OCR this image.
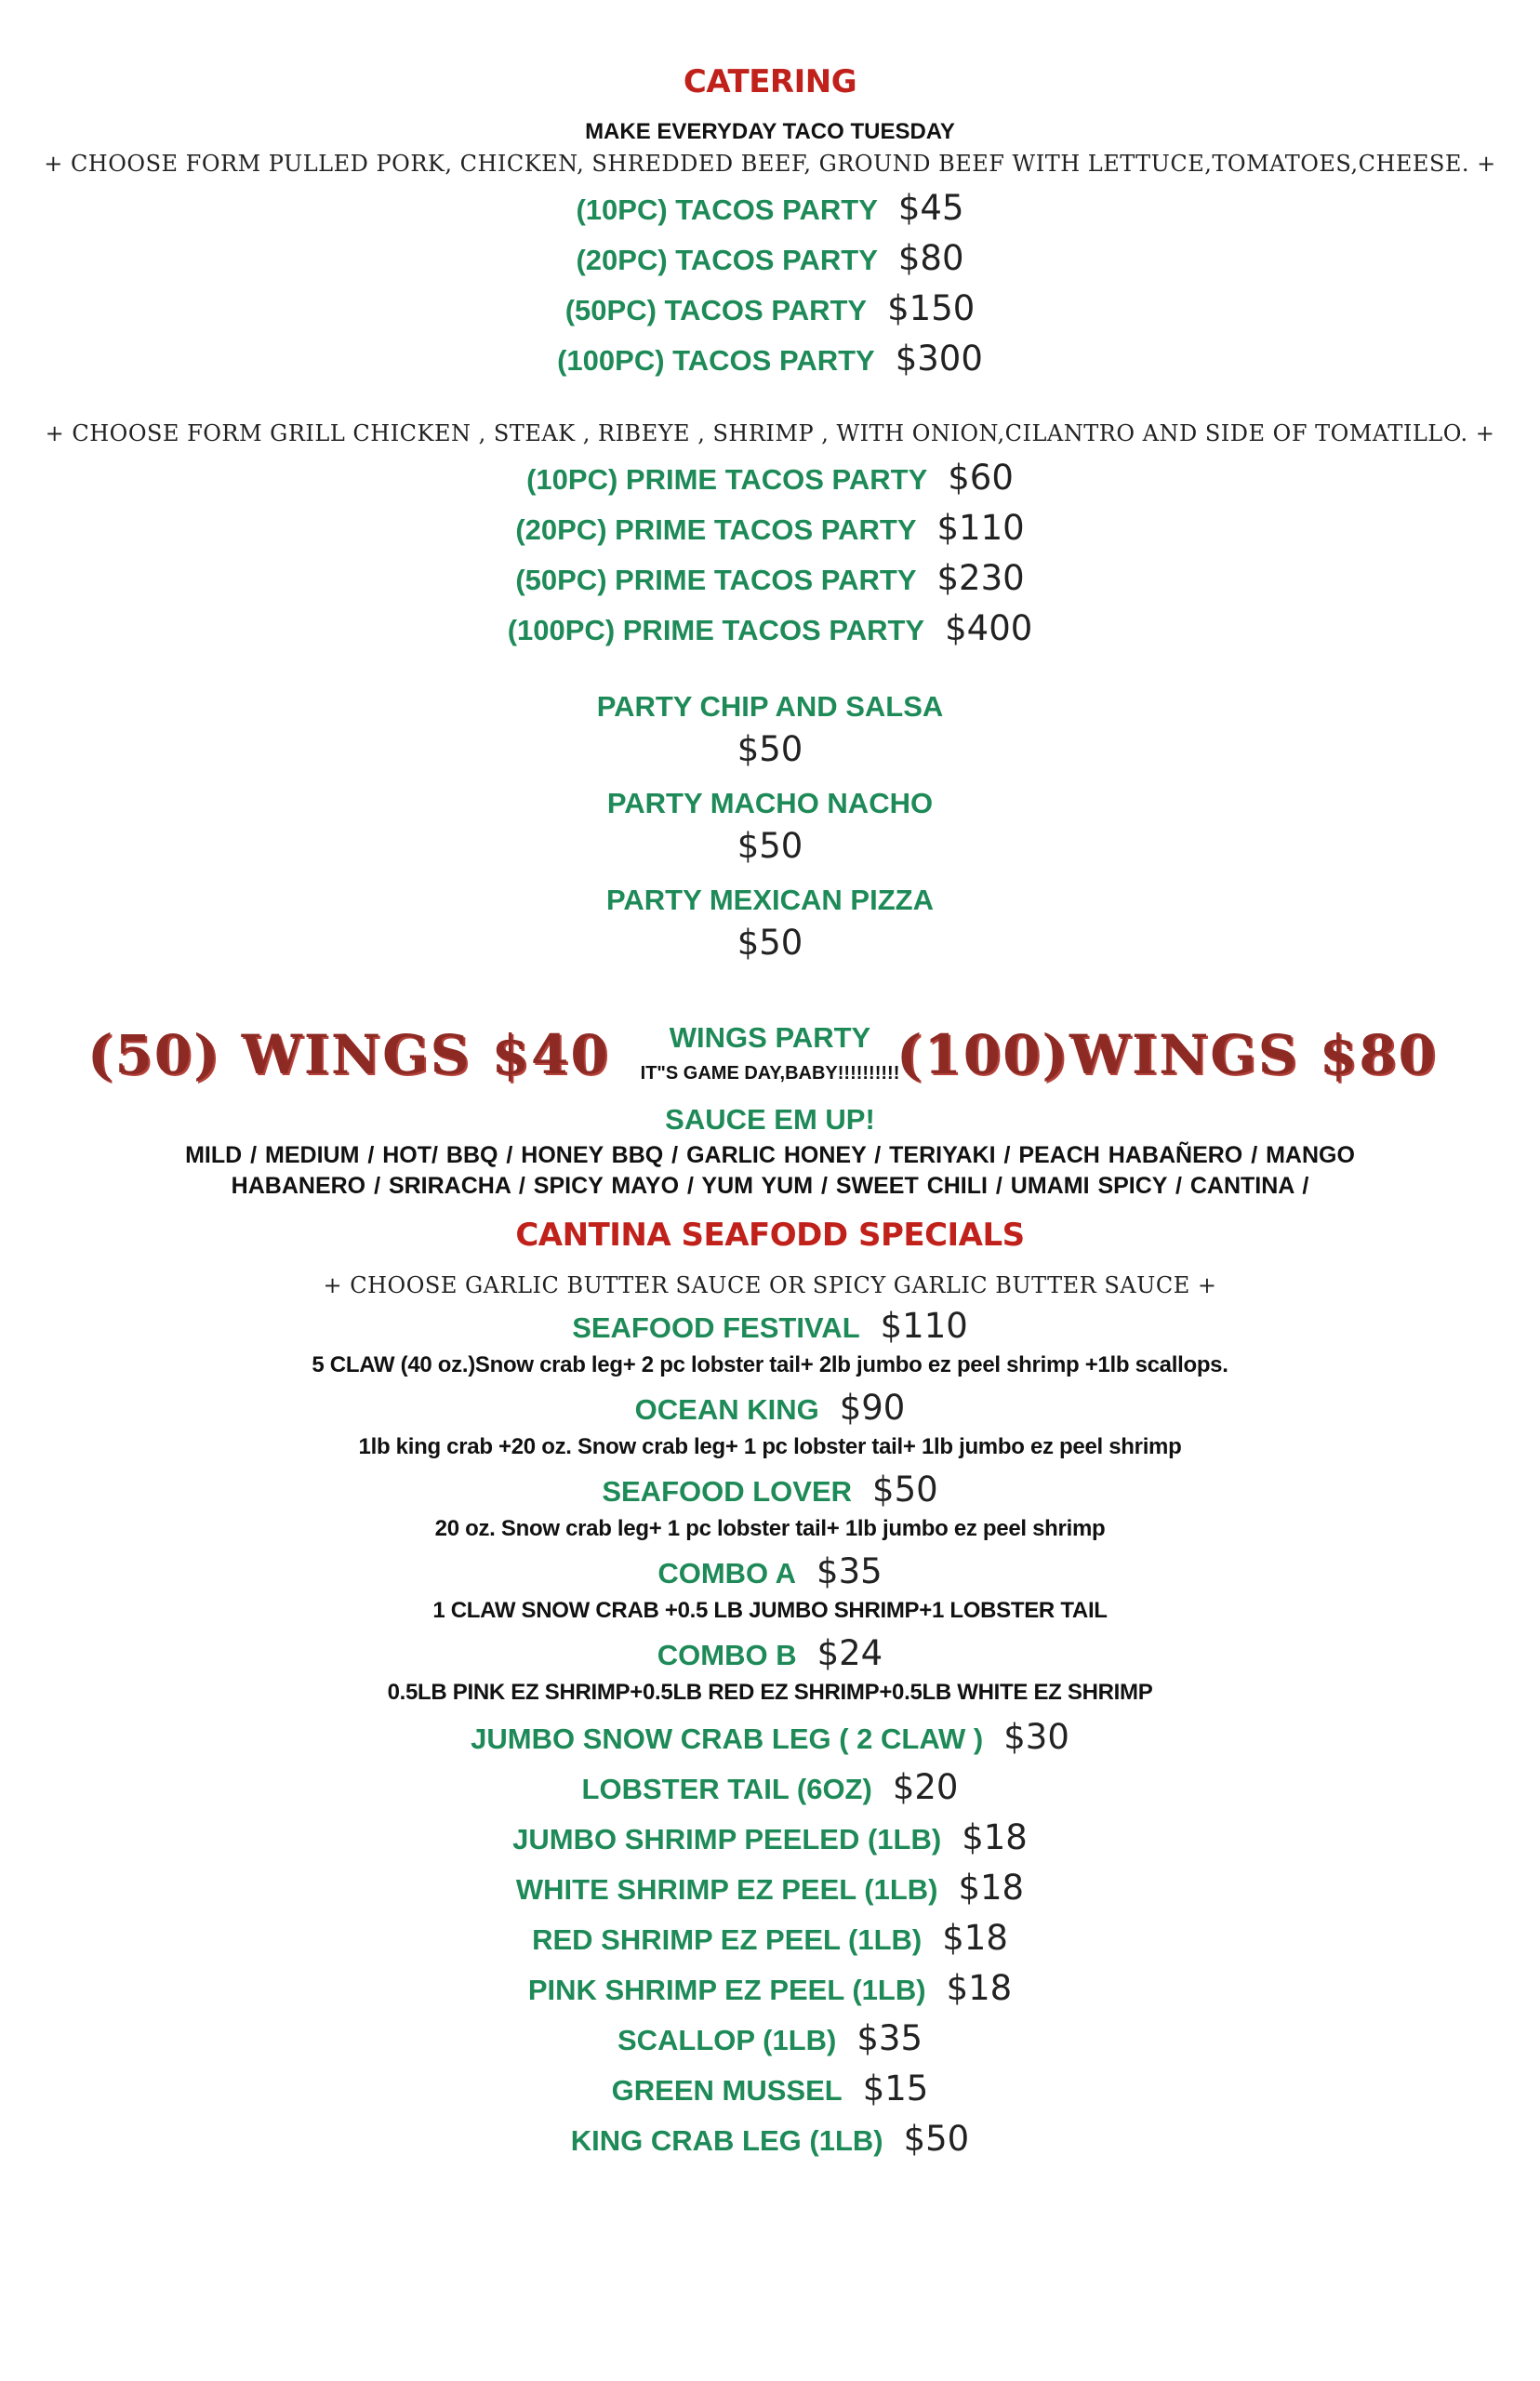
CATERING
MAKE EVERYDAY TACO TUESDAY
+ CHOOSE FORM PULLED PORK, CHICKEN, SHREDDED BEEF, GROUND BEEF WITH LETTUCE,TOMATOES,CHEESE. +
(10PC) TACOS PARTY $45
(20PC) TACOS PARTY $80
(50PC) TACOS PARTY $150
(100PC) TACOS PARTY $300
+ CHOOSE FORM GRILL CHICKEN , STEAK , RIBEYE , SHRIMP , WITH ONION,CILANTRO AND SIDE OF TOMATILLO. +
(10PC) PRIME TACOS PARTY $60
(20PC) PRIME TACOS PARTY $110
(50PC) PRIME TACOS PARTY $230
(100PC) PRIME TACOS PARTY $400
PARTY CHIP AND SALSA
$50
PARTY MACHO NACHO
$50
PARTY MEXICAN PIZZA
$50
(50) WINGS $40	(100)WINGS $80
WINGS PARTY
IT"S GAME DAY,BABY!!!!!!!!!!
SAUCE EM UP!
MILD / MEDIUM / HOT/ BBQ / HONEY BBQ / GARLIC HONEY / TERIYAKI / PEACH HABAÑERO / MANGO
HABANERO / SRIRACHA / SPICY MAYO / YUM YUM / SWEET CHILI / UMAMI SPICY / CANTINA /
CANTINA SEAFODD SPECIALS
+ CHOOSE GARLIC BUTTER SAUCE OR SPICY GARLIC BUTTER SAUCE +
SEAFOOD FESTIVAL $110
5 CLAW (40 oz.)Snow crab leg+ 2 pc lobster tail+ 2lb jumbo ez peel shrimp +1lb scallops.
OCEAN KING $90
1lb king crab +20 oz. Snow crab leg+ 1 pc lobster tail+ 1lb jumbo ez peel shrimp
SEAFOOD LOVER $50
20 oz. Snow crab leg+ 1 pc lobster tail+ 1lb jumbo ez peel shrimp
COMBO A $35
1 CLAW SNOW CRAB +0.5 LB JUMBO SHRIMP+1 LOBSTER TAIL
COMBO B $24
0.5LB PINK EZ SHRIMP+0.5LB RED EZ SHRIMP+0.5LB WHITE EZ SHRIMP
JUMBO SNOW CRAB LEG ( 2 CLAW ) $30
LOBSTER TAIL (6OZ) $20
JUMBO SHRIMP PEELED (1LB) $18
WHITE SHRIMP EZ PEEL (1LB) $18
RED SHRIMP EZ PEEL (1LB) $18
PINK SHRIMP EZ PEEL (1LB) $18
SCALLOP (1LB) $35
GREEN MUSSEL $15
KING CRAB LEG (1LB) $50
